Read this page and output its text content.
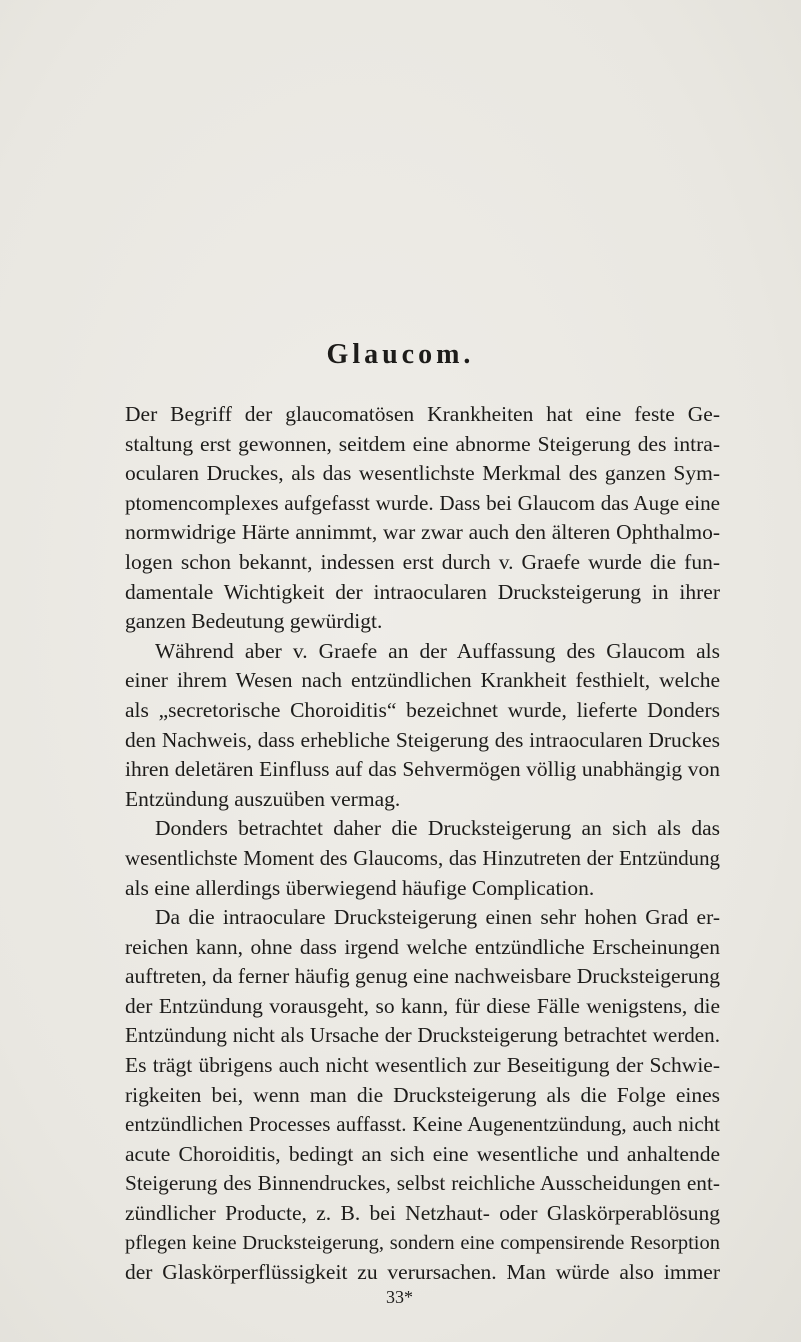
Glaucom.
Der Begriff der glaucomatösen Krankheiten hat eine feste Ge-
staltung erst gewonnen, seitdem eine abnorme Steigerung des intra-
ocularen Druckes, als das wesentlichste Merkmal des ganzen Sym-
ptomencomplexes aufgefasst wurde. Dass bei Glaucom das Auge eine
normwidrige Härte annimmt, war zwar auch den älteren Ophthalmo-
logen schon bekannt, indessen erst durch v. Graefe wurde die fun-
damentale Wichtigkeit der intraocularen Drucksteigerung in ihrer
ganzen Bedeutung gewürdigt.
Während aber v. Graefe an der Auffassung des Glaucom als
einer ihrem Wesen nach entzündlichen Krankheit festhielt, welche
als „secretorische Choroiditis“ bezeichnet wurde, lieferte Donders
den Nachweis, dass erhebliche Steigerung des intraocularen Druckes
ihren deletären Einfluss auf das Sehvermögen völlig unabhängig von
Entzündung auszuüben vermag.
Donders betrachtet daher die Drucksteigerung an sich als das
wesentlichste Moment des Glaucoms, das Hinzutreten der Entzündung
als eine allerdings überwiegend häufige Complication.
Da die intraoculare Drucksteigerung einen sehr hohen Grad er-
reichen kann, ohne dass irgend welche entzündliche Erscheinungen
auftreten, da ferner häufig genug eine nachweisbare Drucksteigerung
der Entzündung vorausgeht, so kann, für diese Fälle wenigstens, die
Entzündung nicht als Ursache der Drucksteigerung betrachtet werden.
Es trägt übrigens auch nicht wesentlich zur Beseitigung der Schwie-
rigkeiten bei, wenn man die Drucksteigerung als die Folge eines
entzündlichen Processes auffasst. Keine Augenentzündung, auch nicht
acute Choroiditis, bedingt an sich eine wesentliche und anhaltende
Steigerung des Binnendruckes, selbst reichliche Ausscheidungen ent-
zündlicher Producte, z. B. bei Netzhaut- oder Glaskörperablösung
pflegen keine Drucksteigerung, sondern eine compensirende Resorption
der Glaskörperflüssigkeit zu verursachen. Man würde also immer
33*
